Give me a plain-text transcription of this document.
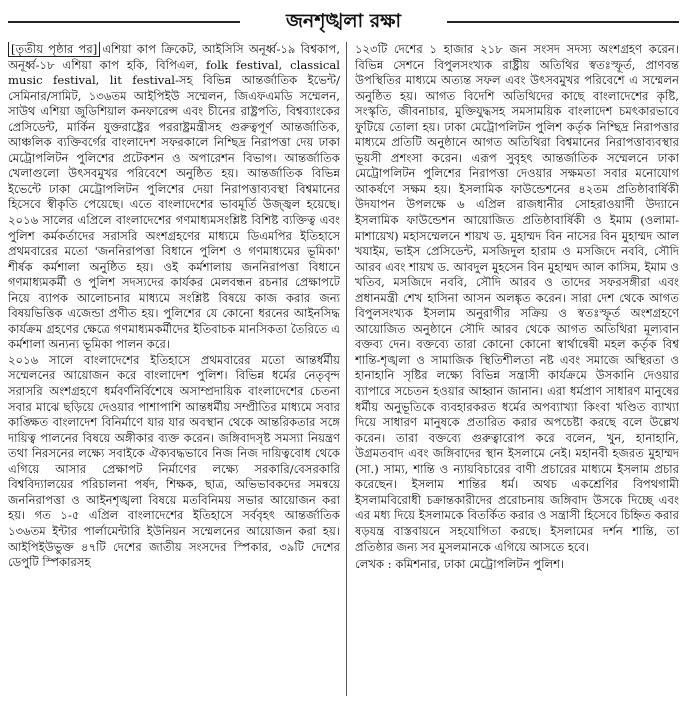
জনশৃঙ্খলা রক্ষা

[তৃতীয় পৃষ্ঠার পর] এশিয়া কাপ ক্রিকেট, আইসিসি অনূর্ধ্ব-১৯ বিশ্বকাপ, অনূর্ধ্ব-১৮ এশিয়া কাপ হকি, বিপিএল, folk festival, classical music festival, lit festival-সহ বিভিন্ন আন্তর্জাতিক ইভেন্ট/সেমিনার/সামিট, ১৩৬তম আইপিইউ সম্মেলন, জিএফএমডি সম্মেলন, সাউথ এশিয়া জুডিশিয়াল কনফারেন্স এবং চীনের রাষ্ট্রপতি, বিশ্বব্যাংকের প্রেসিডেন্ট, মার্কিন যুক্তরাষ্ট্রের পররাষ্ট্রমন্ত্রীসহ গুরুত্বপূর্ণ আন্তর্জাতিক, আঞ্চলিক ব্যক্তিবর্গের বাংলাদেশ সফরকালে নিশ্ছিদ্র নিরাপত্তা দেয় ঢাকা মেট্রোপলিটন পুলিশের প্রটেকশন ও অপারেশন বিভাগ। আন্তর্জাতিক খেলাগুলো উৎসবমুখর পরিবেশে অনুষ্ঠিত হয়। আন্তর্জাতিক বিভিন্ন ইভেন্টে ঢাকা মেট্রোপলিটন পুলিশের দেয়া নিরাপত্তাব্যবস্থা বিশ্বমানের হিসেবে স্বীকৃতি পেয়েছে। এতে বাংলাদেশের ভাবমূর্তি উজ্জ্বল হয়েছে। ২০১৬ সালের এপ্রিলে বাংলাদেশের গণমাধ্যমসংশ্লিষ্ট বিশিষ্ট ব্যক্তিত্ব এবং পুলিশ কর্মকর্তাদের সরাসরি অংশগ্রহণের মাধ্যমে ডিএমপির ইতিহাসে প্রথমবারের মতো 'জননিরাপত্তা বিধানে পুলিশ ও গণমাধ্যমের ভূমিকা' শীর্ষক কর্মশালা অনুষ্ঠিত হয়। ওই কর্মশালায় জননিরাপত্তা বিধানে গণমাধ্যমকর্মী ও পুলিশ সদস্যদের কার্যকর মেলবন্ধন রচনার প্রেক্ষাপটে নিয়ে ব্যাপক আলোচনার মাধ্যমে সংশ্লিষ্ট বিষয়ে কাজ করার জন্য বিষয়ভিত্তিক এজেন্ডা প্রণীত হয়। পুলিশের যে কোনো ধরনের আইনসিদ্ধ কার্যক্রম গ্রহণের ক্ষেত্রে গণমাধ্যমকর্মীদের ইতিবাচক মানসিকতা তৈরিতে এ কর্মশালা অন্যন্য ভূমিকা পালন করে।

২০১৬ সালে বাংলাদেশের ইতিহাসে প্রথমবারের মতো আন্তর্ধর্মীয় সম্মেলনের আয়োজন করে বাংলাদেশ পুলিশ। বিভিন্ন ধর্মের নেতৃবৃন্দ সরাসরি অংশগ্রহণে ধর্মবর্ণনির্বিশেষে অসাম্প্রদায়িক বাংলাদেশের চেতনা সবার মাঝে ছড়িয়ে দেওয়ার পাশাপাশি আন্তধর্মীয় সম্প্রীতির মাধ্যমে সবার কাঙ্ক্ষিত বাংলাদেশ বিনির্মাণে যার যার অবস্থান থেকে আন্তরিকতার সঙ্গে দায়িত্ব পালনের বিষয়ে অঙ্গীকার ব্যক্ত করেন। জঙ্গিবাদসৃষ্ট সমস্যা নিয়ন্ত্রণ তথা নিরসনের লক্ষ্যে সবাইকে ঐক্যবদ্ধভাবে নিজ নিজ দায়িত্ববোধ থেকে এগিয়ে আসার প্রেক্ষাপট নির্মাণের লক্ষ্যে সরকারি/বেসরকারি বিশ্ববিদ্যালয়ের পরিচালনা পর্ষদ, শিক্ষক, ছাত্র, অভিভাবকদের সমন্বয়ে জননিরাপত্তা ও আইনশৃঙ্খলা বিষয়ে মতবিনিময় সভার আয়োজন করা হয়। গত ১-৫ এপ্রিল বাংলাদেশের ইতিহাসে সর্ববৃহৎ আন্তর্জাতিক ১৩৬তম ইন্টার পার্লামেন্টারি ইউনিয়ন সম্মেলনের আয়োজন করা হয়। আইপিইউভুক্ত ৪৭টি দেশের জাতীয় সংসদের স্পিকার, ৩৯টি দেশের ডেপুটি স্পিকারসহ

১২৩টি দেশের ১ হাজার ২১৮ জন সংসদ সদস্য অংশগ্রহণ করেন। বিভিন্ন সেশনে বিপুলসংখ্যক রাষ্ট্রীয় অতিথির স্বতঃস্ফূর্ত, প্রাণবন্ত উপস্থিতির মাধ্যমে অত্যন্ত সফল এবং উৎসবমুখর পরিবেশে এ সম্মেলন অনুষ্ঠিত হয়। আগত বিদেশি অতিথিদের কাছে বাংলাদেশের কৃষ্টি, সংস্কৃতি, জীবনাচার, মুক্তিযুদ্ধসহ সমসাময়িক বাংলাদেশ চমৎকারভাবে ফুটিয়ে তোলা হয়। ঢাকা মেট্রোপলিটন পুলিশ কর্তৃক নিশ্ছিদ্র নিরাপত্তার মাধ্যমে প্রতিটি অনুষ্ঠানে আগত অতিথিরা বিশ্বমানের নিরাপত্তাব্যবস্থার ভূয়সী প্রশংসা করেন। এরূপ সুবৃহৎ আন্তর্জাতিক সম্মেলনে ঢাকা মেট্রোপলিটন পুলিশের নিরাপত্তা দেওয়ার সক্ষমতা সবার মনোযোগ আকর্ষণে সক্ষম হয়। ইসলামিক ফাউন্ডেশনের ৪২তম প্রতিষ্ঠাবার্ষিকী উদযাপন উপলক্ষে ৬ এপ্রিল রাজধানীর সোহরাওয়ার্দী উদ্যানে ইসলামিক ফাউন্ডেশন আয়োজিত প্রতিষ্ঠাবার্ষিকী ও ইমাম (ওলামা-মাশায়েখ) মহাসম্মেলনে শায়খ ড. মুহাম্মদ বিন নাসের বিন মুহাম্মদ আল খযাইম, ভাইস প্রেসিডেন্ট, মসজিদুল হারাম ও মসজিদে নববি, সৌদি আরব এবং শায়খ ড. আবদুল মুহসেন বিন মুহাম্মদ আল কাসিম, ইমাম ও খতিব, মসজিদে নববি, সৌদি আরব ও তাদের সফরসঙ্গীরা এবং প্রধানমন্ত্রী শেখ হাসিনা আসন অলঙ্কৃত করেন। সারা দেশ থেকে আগত বিপুলসংখ্যক ইসলাম অনুরাগীর সক্রিয় ও স্বতঃস্ফূর্ত অংশগ্রহণে আয়োজিত অনুষ্ঠানে সৌদি আরব থেকে আগত অতিথিরা মূল্যবান বক্তব্য দেন। বক্তব্যে তারা কোনো কোনো স্বার্থান্বেষী মহল কর্তৃক বিশ্ব শান্তি-শৃঙ্খলা ও সামাজিক স্থিতিশীলতা নষ্ট এবং সমাজে অস্থিরতা ও হানাহানি সৃষ্টির লক্ষ্যে বিভিন্ন সন্ত্রাসী কার্যক্রমে উসকানি দেওয়ার ব্যাপারে সচেতন হওয়ার আহ্বান জানান। এরা ধর্মপ্রাণ সাধারণ মানুষের ধর্মীয় অনুভূতিকে ব্যবহারকরত ধর্মের অপব্যাখ্যা কিংবা খণ্ডিত ব্যাখ্যা দিয়ে সাধারণ মানুষকে প্রতারিত করার অপচেষ্টা করছে বলে উল্লেখ করেন। তারা বক্তব্যে গুরুত্বারোপ করে বলেন, খুন, হানাহানি, উগ্রমতবাদ এবং জঙ্গিবাদের স্থান ইসলামে নেই। মহানবী হজরত মুহাম্মদ (সা.) সাম্য, শান্তি ও ন্যায়বিচারের বাণী প্রচারের মাধ্যমে ইসলাম প্রচার করেছেন। ইসলাম শান্তির ধর্ম। অথচ একশ্রেণির বিপথগামী ইসলামবিরোধী চক্রান্তকারীদের প্ররোচনায় জঙ্গিবাদ উসকে দিচ্ছে এবং এর মধ্য দিয়ে ইসলামকে বিতর্কিত করার ও সন্ত্রাসী হিসেবে চিহ্নিত করার ষড়যন্ত্র বাস্তবায়নে সহযোগিতা করছে। ইসলামের দর্শন শান্তি, তা প্রতিষ্ঠার জন্য সব মুসলমানকে এগিয়ে আসতে হবে।

লেখক : কমিশনার, ঢাকা মেট্রোপলিটন পুলিশ।
